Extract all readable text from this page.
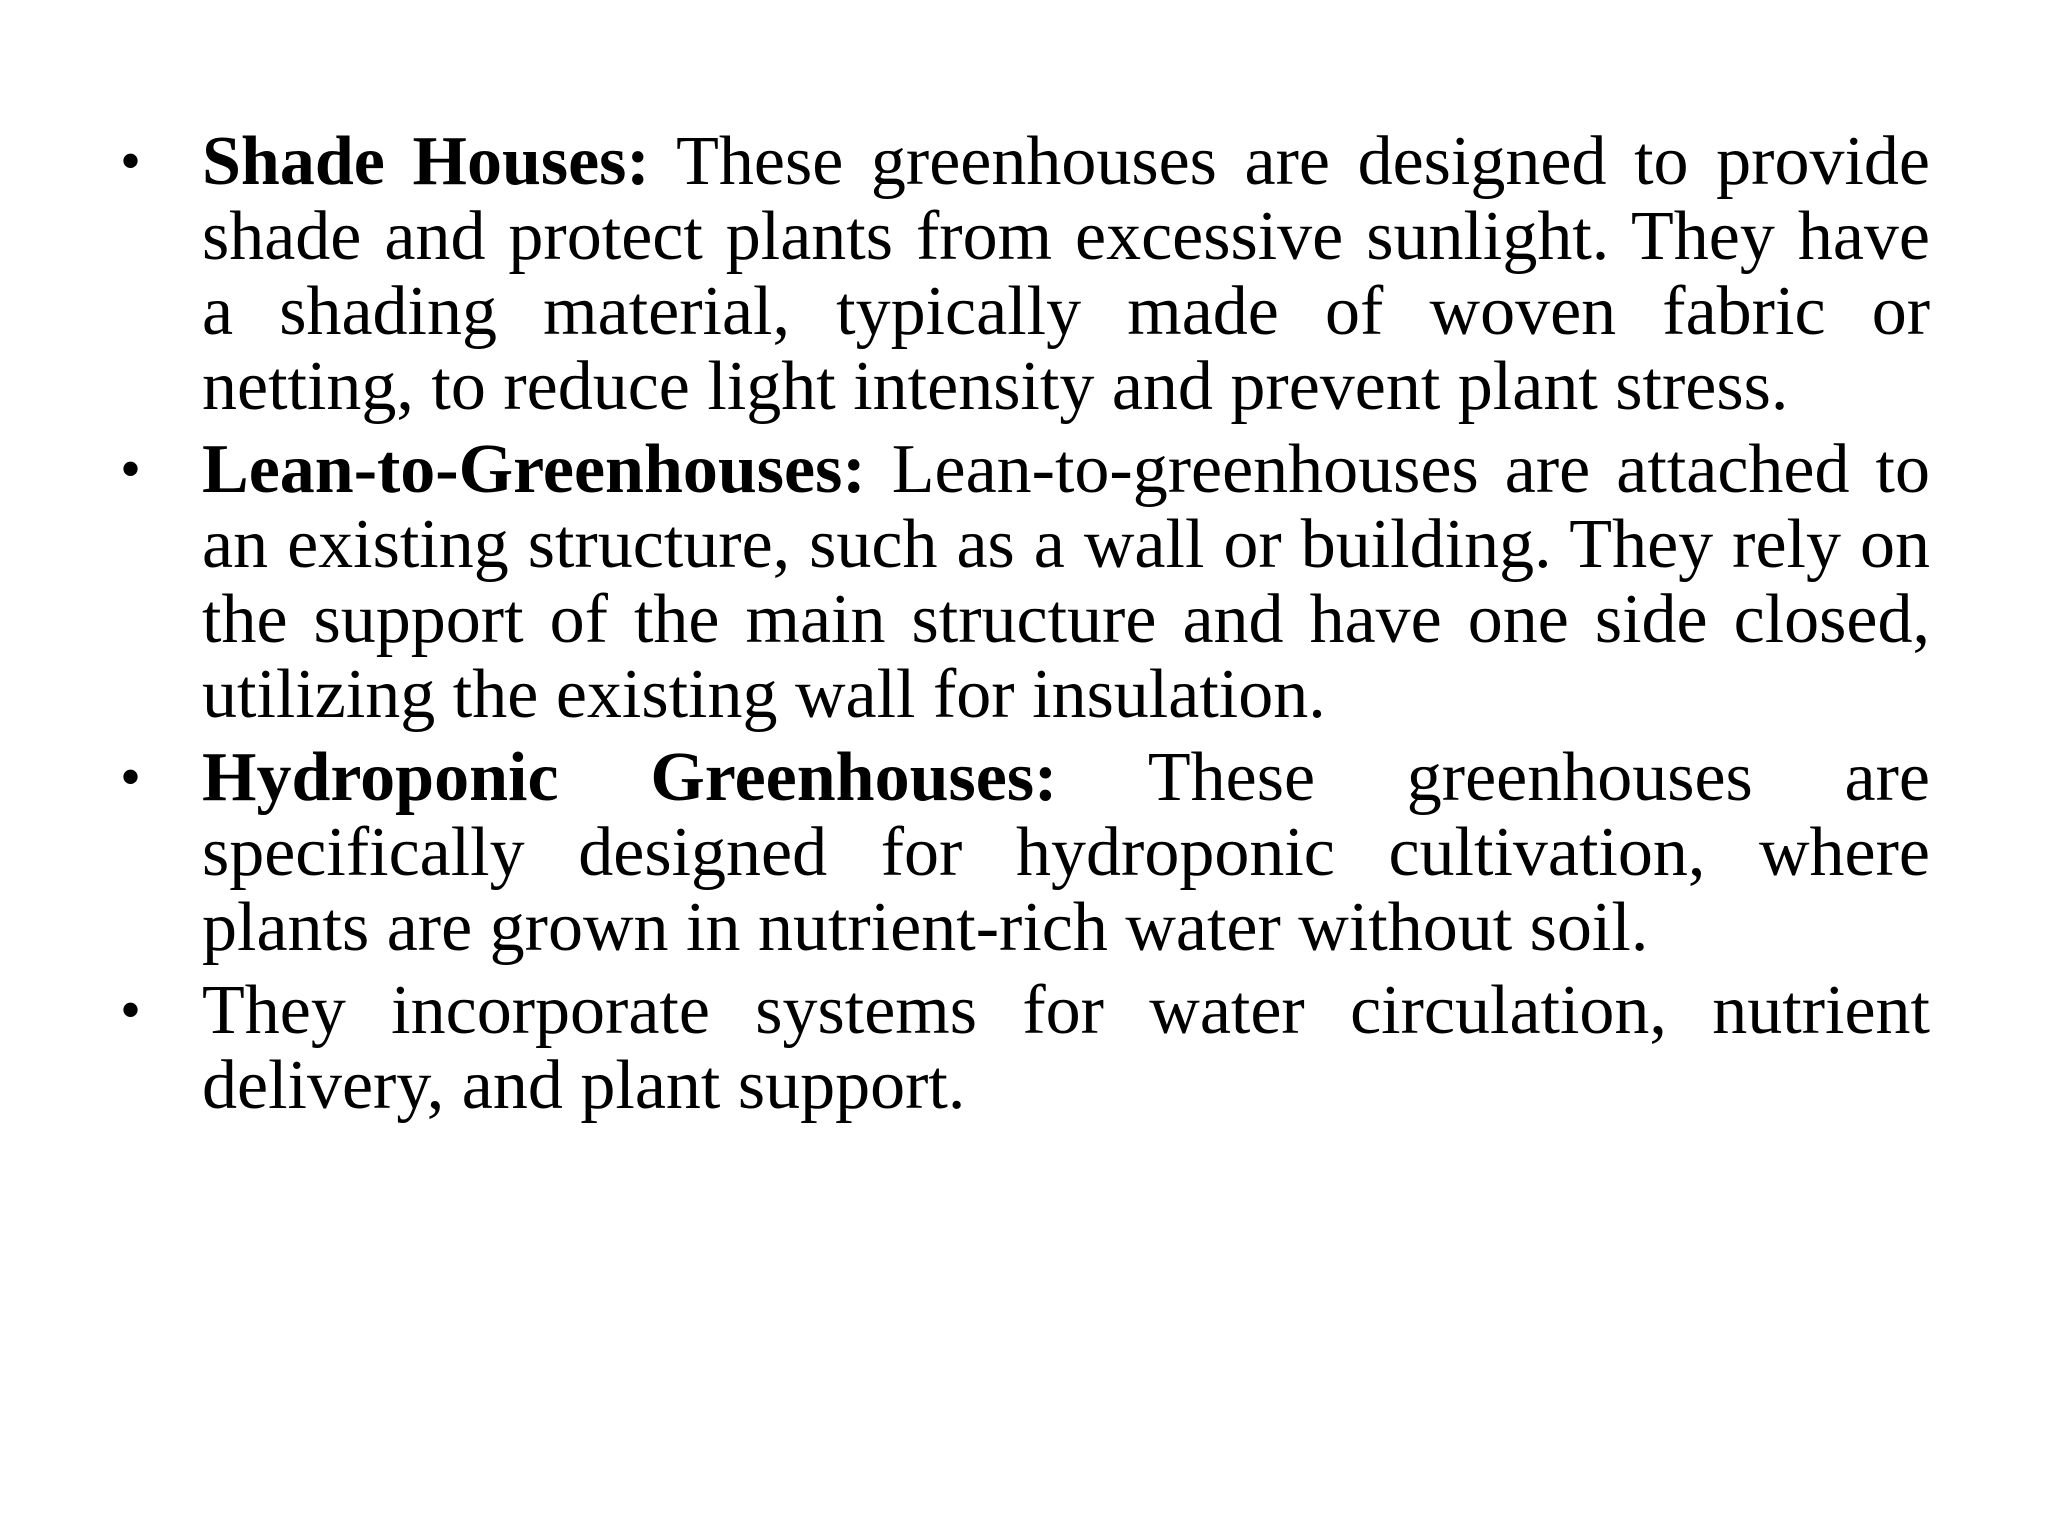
• Shade Houses: These greenhouses are designed to provide shade and protect plants from excessive sunlight. They have a shading material, typically made of woven fabric or netting, to reduce light intensity and prevent plant stress.
• Lean-to-Greenhouses: Lean-to-greenhouses are attached to an existing structure, such as a wall or building. They rely on the support of the main structure and have one side closed, utilizing the existing wall for insulation.
• Hydroponic Greenhouses: These greenhouses are specifically designed for hydroponic cultivation, where plants are grown in nutrient-rich water without soil.
• They incorporate systems for water circulation, nutrient delivery, and plant support.
